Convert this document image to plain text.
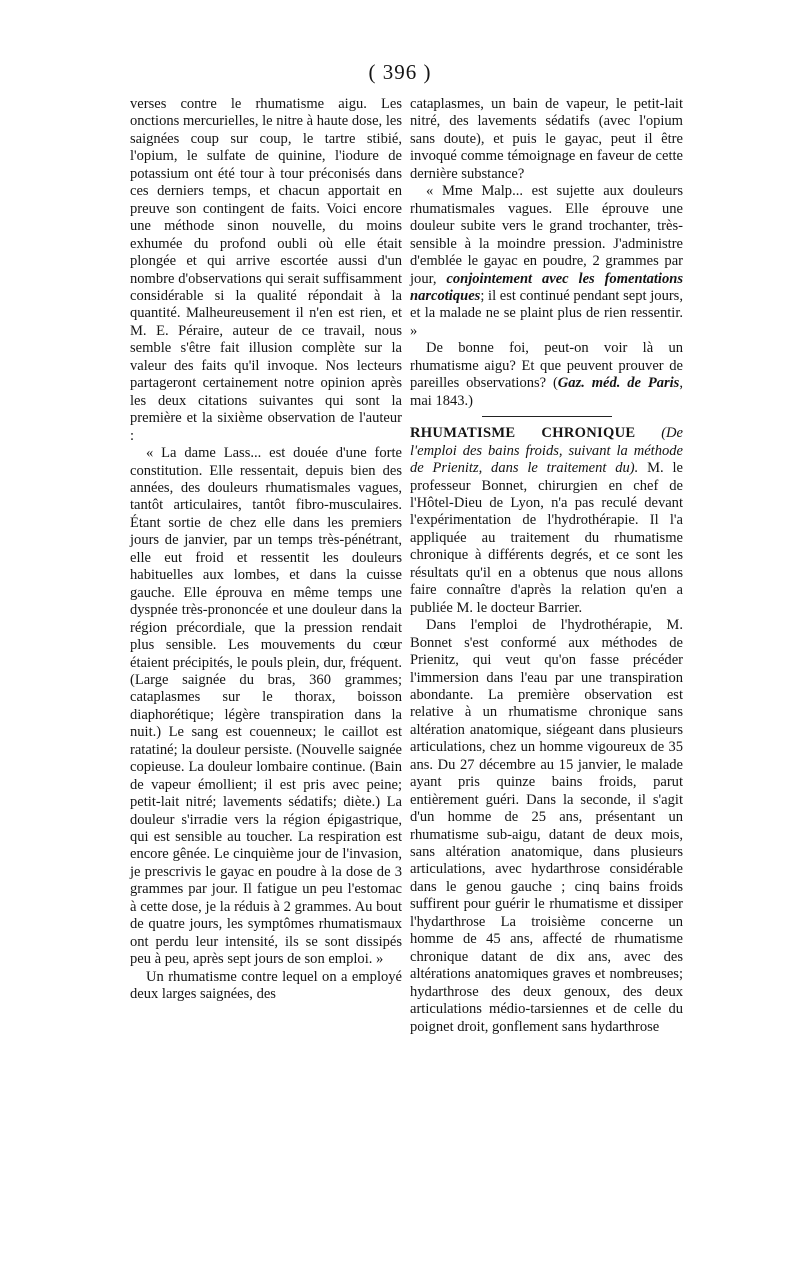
( 396 )

verses contre le rhumatisme aigu. Les onctions mercurielles, le nitre à haute dose, les saignées coup sur coup, le tartre stibié, l'opium, le sulfate de quinine, l'iodure de potassium ont été tour à tour préconisés dans ces derniers temps, et chacun apportait en preuve son contingent de faits. Voici encore une méthode sinon nouvelle, du moins exhumée du profond oubli où elle était plongée et qui arrive escortée aussi d'un nombre d'observations qui serait suffisamment considérable si la qualité répondait à la quantité. Malheureusement il n'en est rien, et M. E. Péraire, auteur de ce travail, nous semble s'être fait illusion complète sur la valeur des faits qu'il invoque. Nos lecteurs partageront certainement notre opinion après les deux citations suivantes qui sont la première et la sixième observation de l'auteur :

« La dame Lass... est douée d'une forte constitution. Elle ressentait, depuis bien des années, des douleurs rhumatismales vagues, tantôt articulaires, tantôt fibro-musculaires. Étant sortie de chez elle dans les premiers jours de janvier, par un temps très-pénétrant, elle eut froid et ressentit les douleurs habituelles aux lombes, et dans la cuisse gauche. Elle éprouva en même temps une dyspnée très-prononcée et une douleur dans la région précordiale, que la pression rendait plus sensible. Les mouvements du cœur étaient précipités, le pouls plein, dur, fréquent. (Large saignée du bras, 360 grammes; cataplasmes sur le thorax, boisson diaphorétique; légère transpiration dans la nuit.) Le sang est couenneux; le caillot est ratatiné; la douleur persiste. (Nouvelle saignée copieuse. La douleur lombaire continue. (Bain de vapeur émollient; il est pris avec peine; petit-lait nitré; lavements sédatifs; diète.) La douleur s'irradie vers la région épigastrique, qui est sensible au toucher. La respiration est encore gênée. Le cinquième jour de l'invasion, je prescrivis le gayac en poudre à la dose de 3 grammes par jour. Il fatigue un peu l'estomac à cette dose, je la réduis à 2 grammes. Au bout de quatre jours, les symptômes rhumatismaux ont perdu leur intensité, ils se sont dissipés peu à peu, après sept jours de son emploi. »

Un rhumatisme contre lequel on a employé deux larges saignées, des

cataplasmes, un bain de vapeur, le petit-lait nitré, des lavements sédatifs (avec l'opium sans doute), et puis le gayac, peut il être invoqué comme témoignage en faveur de cette dernière substance?

« Mme Malp... est sujette aux douleurs rhumatismales vagues. Elle éprouve une douleur subite vers le grand trochanter, très-sensible à la moindre pression. J'administre d'emblée le gayac en poudre, 2 grammes par jour, conjointement avec les fomentations narcotiques; il est continué pendant sept jours, et la malade ne se plaint plus de rien ressentir. »

De bonne foi, peut-on voir là un rhumatisme aigu? Et que peuvent prouver de pareilles observations? (Gaz. méd. de Paris, mai 1843.)

RHUMATISME CHRONIQUE (De l'emploi des bains froids, suivant la méthode de Prienitz, dans le traitement du). M. le professeur Bonnet, chirurgien en chef de l'Hôtel-Dieu de Lyon, n'a pas reculé devant l'expérimentation de l'hydrothérapie. Il l'a appliquée au traitement du rhumatisme chronique à différents degrés, et ce sont les résultats qu'il en a obtenus que nous allons faire connaître d'après la relation qu'en a publiée M. le docteur Barrier.

Dans l'emploi de l'hydrothérapie, M. Bonnet s'est conformé aux méthodes de Prienitz, qui veut qu'on fasse précéder l'immersion dans l'eau par une transpiration abondante. La première observation est relative à un rhumatisme chronique sans altération anatomique, siégeant dans plusieurs articulations, chez un homme vigoureux de 35 ans. Du 27 décembre au 15 janvier, le malade ayant pris quinze bains froids, parut entièrement guéri. Dans la seconde, il s'agit d'un homme de 25 ans, présentant un rhumatisme sub-aigu, datant de deux mois, sans altération anatomique, dans plusieurs articulations, avec hydarthrose considérable dans le genou gauche ; cinq bains froids suffirent pour guérir le rhumatisme et dissiper l'hydarthrose La troisième concerne un homme de 45 ans, affecté de rhumatisme chronique datant de dix ans, avec des altérations anatomiques graves et nombreuses; hydarthrose des deux genoux, des deux articulations médio-tarsiennes et de celle du poignet droit, gonflement sans hydarthrose
